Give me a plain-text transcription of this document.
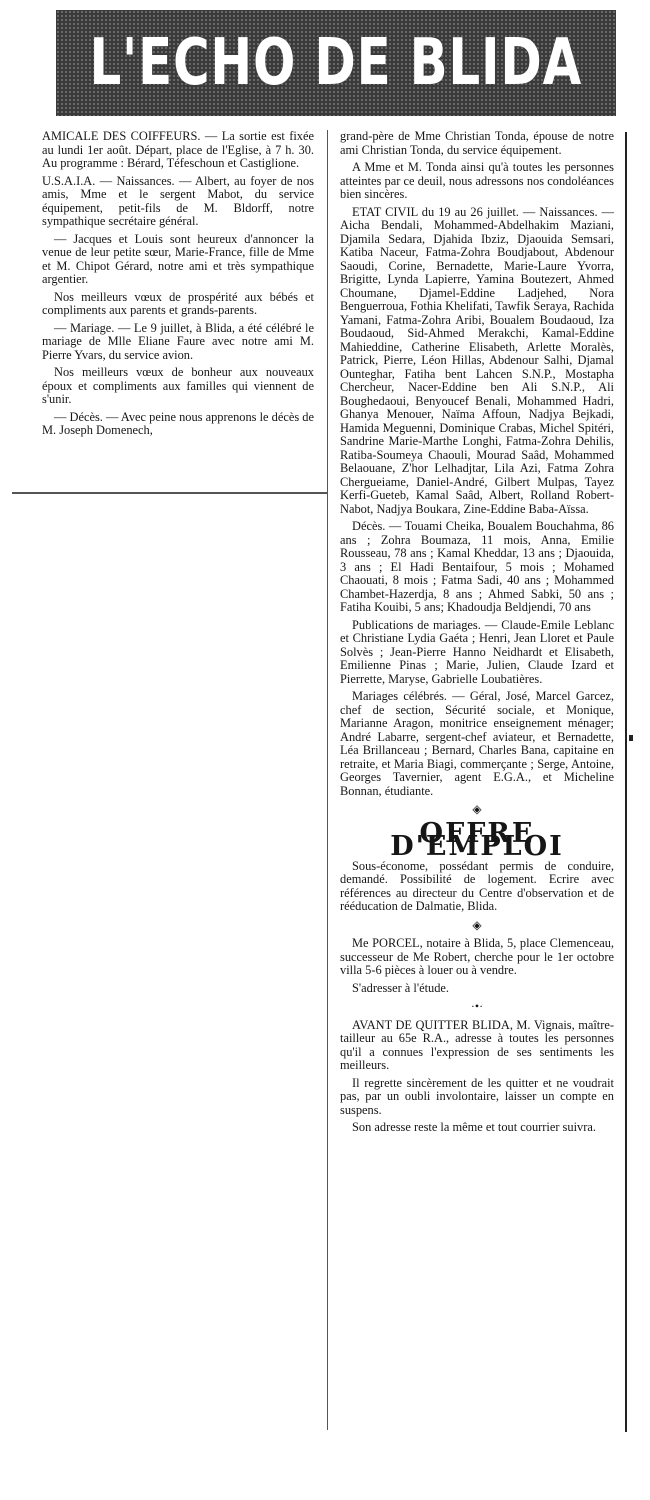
L'ECHO DE BLIDA

AMICALE DES COIFFEURS. — La sortie est fixée au lundi 1er août. Départ, place de l'Eglise, à 7 h. 30. Au programme : Bérard, Téfeschoun et Castiglione.

U.S.A.I.A. — Naissances. — Albert, au foyer de nos amis, Mme et le sergent Mabot, du service équipement, petit-fils de M. Bldorff, notre sympathique secrétaire général.

— Jacques et Louis sont heureux d'annoncer la venue de leur petite sœur, Marie-France, fille de Mme et M. Chipot Gérard, notre ami et très sympathique argentier.

Nos meilleurs vœux de prospérité aux bébés et compliments aux parents et grands-parents.

— Mariage. — Le 9 juillet, à Blida, a été célébré le mariage de Mlle Eliane Faure avec notre ami M. Pierre Yvars, du service avion.

Nos meilleurs vœux de bonheur aux nouveaux époux et compliments aux familles qui viennent de s'unir.

— Décès. — Avec peine nous apprenons le décès de M. Joseph Domenech,

grand-père de Mme Christian Tonda, épouse de notre ami Christian Tonda, du service équipement.

A Mme et M. Tonda ainsi qu'à toutes les personnes atteintes par ce deuil, nous adressons nos condoléances bien sincères.

ETAT CIVIL du 19 au 26 juillet. — Naissances. — Aicha Bendali, Mohammed-Abdelhakim Maziani, Djamila Sedara, Djahida Ibziz, Djaouida Semsari, Katiba Naceur, Fatma-Zohra Boudjabout, Abdenour Saoudi, Corine, Bernadette, Marie-Laure Yvorra, Brigitte, Lynda Lapierre, Yamina Boutezert, Ahmed Choumane, Djamel-Eddine Ladjehed, Nora Benguerroua, Fothia Khelifati, Tawfik Seraya, Rachida Yamani, Fatma-Zohra Aribi, Boualem Boudaoud, Iza Boudaoud, Sid-Ahmed Merakchi, Kamal-Eddine Mahieddine, Catherine Elisabeth, Arlette Moralès, Patrick, Pierre, Léon Hillas, Abdenour Salhi, Djamal Ounteghar, Fatiha bent Lahcen S.N.P., Mostapha Chercheur, Nacer-Eddine ben Ali S.N.P., Ali Boughedaoui, Benyoucef Benali, Mohammed Hadri, Ghanya Menouer, Naïma Affoun, Nadjya Bejkadi, Hamida Meguenni, Dominique Crabas, Michel Spitéri, Sandrine Marie-Marthe Longhi, Fatma-Zohra Dehilis, Ratiba-Soumeya Chaouli, Mourad Saâd, Mohammed Belaouane, Z'hor Lelhadjtar, Lila Azi, Fatma Zohra Chergueiame, Daniel-André, Gilbert Mulpas, Tayez Kerfi-Gueteb, Kamal Saâd, Albert, Rolland Robert-Nabot, Nadjya Boukara, Zine-Eddine Baba-Aïssa.

Décès. — Touami Cheika, Boualem Bouchahma, 86 ans ; Zohra Boumaza, 11 mois, Anna, Emilie Rousseau, 78 ans ; Kamal Kheddar, 13 ans ; Djaouida, 3 ans ; El Hadi Bentaifour, 5 mois ; Mohamed Chaouati, 8 mois ; Fatma Sadi, 40 ans ; Mohammed Chambet-Hazerdja, 8 ans ; Ahmed Sabki, 50 ans ; Fatiha Kouibi, 5 ans; Khadoudja Beldjendi, 70 ans

Publications de mariages. — Claude-Emile Leblanc et Christiane Lydia Gaéta ; Henri, Jean Lloret et Paule Solvès ; Jean-Pierre Hanno Neidhardt et Elisabeth, Emilienne Pinas ; Marie, Julien, Claude Izard et Pierrette, Maryse, Gabrielle Loubatières.

Mariages célébrés. — Géral, José, Marcel Garcez, chef de section, Sécurité sociale, et Monique, Marianne Aragon, monitrice enseignement ménager; André Labarre, sergent-chef aviateur, et Bernadette, Léa Brillanceau ; Bernard, Charles Bana, capitaine en retraite, et Maria Biagi, commerçante ; Serge, Antoine, Georges Tavernier, agent E.G.A., et Micheline Bonnan, étudiante.

◈
OFFRE D'EMPLOI

Sous-économe, possédant permis de conduire, demandé. Possibilité de logement. Ecrire avec références au directeur du Centre d'observation et de rééducation de Dalmatie, Blida.

◈

Me PORCEL, notaire à Blida, 5, place Clemenceau, successeur de Me Robert, cherche pour le 1er octobre villa 5-6 pièces à louer ou à vendre.

S'adresser à l'étude.

·•·

AVANT DE QUITTER BLIDA, M. Vignais, maître-tailleur au 65e R.A., adresse à toutes les personnes qu'il a connues l'expression de ses sentiments les meilleurs.

Il regrette sincèrement de les quitter et ne voudrait pas, par un oubli involontaire, laisser un compte en suspens.

Son adresse reste la même et tout courrier suivra.
